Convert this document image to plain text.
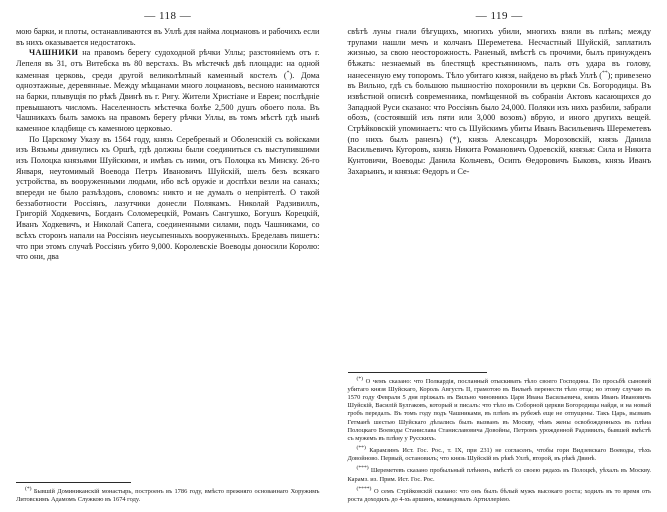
— 118 —

мою барки, и плоты, останавливаются въ Уллѣ для найма лоцмановъ и рабочихъ если въ нихъ оказывается недостатокъ.

ЧАШНИКИ на правомъ берегу судоходной рѣчки Уллы; разстояніемъ отъ г. Лепеля въ 31, отъ Витебска въ 80 верстахъ. Въ мѣстечкѣ двѣ площади: на одной каменная церковь, среди другой великолѣпный каменный костелъ (*). Дома одноэтажные, деревянные. Между мѣщанами много лоцмановъ, весною нанимаются на барки, плывущія по рѣкѣ Двинѣ въ г. Ригу. Жители Христіане и Евреи; послѣдніе превышаютъ числомъ. Населенность мѣстечка болѣе 2,500 душъ обоего пола. Въ Чашникахъ былъ замокъ на правомъ берегу рѣчки Уллы, въ томъ мѣстѣ гдѣ нынѣ каменное кладбище съ каменною церковью.

По Царскому Указу въ 1564 году, князь Серебреный и Оболенскій съ войсками изъ Вязьмы двинулись къ Оршѣ, гдѣ должны были соединиться съ выступившими изъ Полоцка князьями Шуйскими, и имѣвъ съ ними, отъ Полоцка къ Минску. 26-го Января, неутомимый Воевода Петръ Ивановичъ Шуйскій, шелъ безъ всякаго устройства, въ вооруженными людьми, ибо всѣ оружіе и доспѣхи везли на санахъ; впереди не было разъѣздовъ, словомъ: никто и не думалъ о непріятелѣ. О такой беззаботности Россіянъ, лазутчики донесли Полякамъ. Николай Радзивиллъ, Григорій Ходкевичъ, Богданъ Соломерецкій, Романъ Сангушко, Богушъ Корецкій, Иванъ Ходкевичъ, и Николай Сапега, соединенными силами, подъ Чашниками, со всѣхъ сторонъ напали на Россіянъ неусыпенныхъ вооруженныхъ. Бределавъ пишетъ: что при этомъ случаѣ Россіянъ убито 9,000. Королевскіе Воеводы доносили Королю: что они, два

(*) Бывшій Доминиканскій монастырь, построенъ въ 1786 году, вмѣсто прежняго основаннаго Хоружимъ Литовскимъ Адамомъ Служкою въ 1674 году.

— 119 —

свѣтѣ луны гнали бѣгущихъ, многихъ убили, многихъ взяли въ плѣнъ; между трупами нашли мечъ и колчанъ Шереметева. Несчастный Шуйскій, заплатилъ жизнью, за свою неосторожность. Раненый, вмѣстѣ съ прочими, былъ принужденъ бѣжать: незнаемый въ блестящѣ крестьяниномъ, палъ отъ удара въ голову, нанесенную ему топоромъ. Тѣло убитаго князя, найдено въ рѣкѣ Уллѣ (**); привезено въ Вильно, гдѣ съ большою пышностію похоронили въ церкви Св. Богородицы. Въ извѣстной описнѣ современника, помѣщенной въ собраніи Актовъ касающихся до Западной Руси сказано: что Россіянъ было 24,000. Поляки изъ нихъ разбили, забрали обозъ, (состоявшій изъ пяти или 3,000 возовъ) вбрую, и иного другихъ вещей. Стрѣйковскій упоминаетъ: что съ Шуйскимъ убиты Иванъ Васильевичъ Шереметевъ (по нихъ былъ раненъ) (*), князь Александръ Морозовскій, князь Данила Васильевичъ Кугоровъ, князь Никита Романовичъ Одоевскій, князья: Сила и Никита Кунтовичи, Воеводы: Данила Кольчевъ, Осипъ Ѳедоровичъ Быковъ, князь Иванъ Захарьинъ, и князья: Ѳедоръ и Се-

(*) О чемъ сказано: что Полкардія, посланный отыскивать тѣло своего Господина. По просьбѣ сыновей убитаго князя Шуйскаго, Король Августъ II, грамотою въ Вильнѣ перенести тѣло отца; но этому случаю въ 1570 году Февраля 5 дня прізжалъ въ Вильно чиновникъ Царя Ивана Васильевича, князь Иванъ Ивановичъ Шуйскій, Василій Булгаковъ, который и писалъ: что тѣло въ Соборной церкви Богородицы найдя, и на новый гробъ передалъ. Въ томъ году подъ Чашниками, въ плѣнъ въ рубежѣ еще не отпущены. Такъ Царь, вызвавъ Гетманѣ шестью Шуйскаго дѣлались былъ вызванъ въ Москву, чѣмъ жены освобожденныхъ въ плѣна Полоцкаго Воеводы Станислава Станиславовича Довойны, Петромъ урожденной Радзивилъ, бывшей вмѣстѣ съ мужемъ въ плѣну у Русскихъ.

(**) Карамзинъ Ист. Гос. Рос., т. IX, при 231) не согласенъ, чтобы гори Видзевскаго Воеводы, тѣхъ Довойново. Первый, остановилъ; что князь Шуйскій въ рѣкѣ Уллѣ, второй, въ рѣкѣ Двинѣ.

(***) Шереметевъ сказано пробыльный плѣненъ, вмѣстѣ со своею рядахъ въ Полоцкѣ, уѣхалъ въ Москву. Карамз. из. Прим. Ист. Гос. Рос.

(****) О семъ Стрійковскій сказано: что онъ былъ бѣлый мужъ высокаго роста; ходилъ въ то время отъ роста доходилъ до 4-хъ аршинъ, командовалъ Артиллеріею.
